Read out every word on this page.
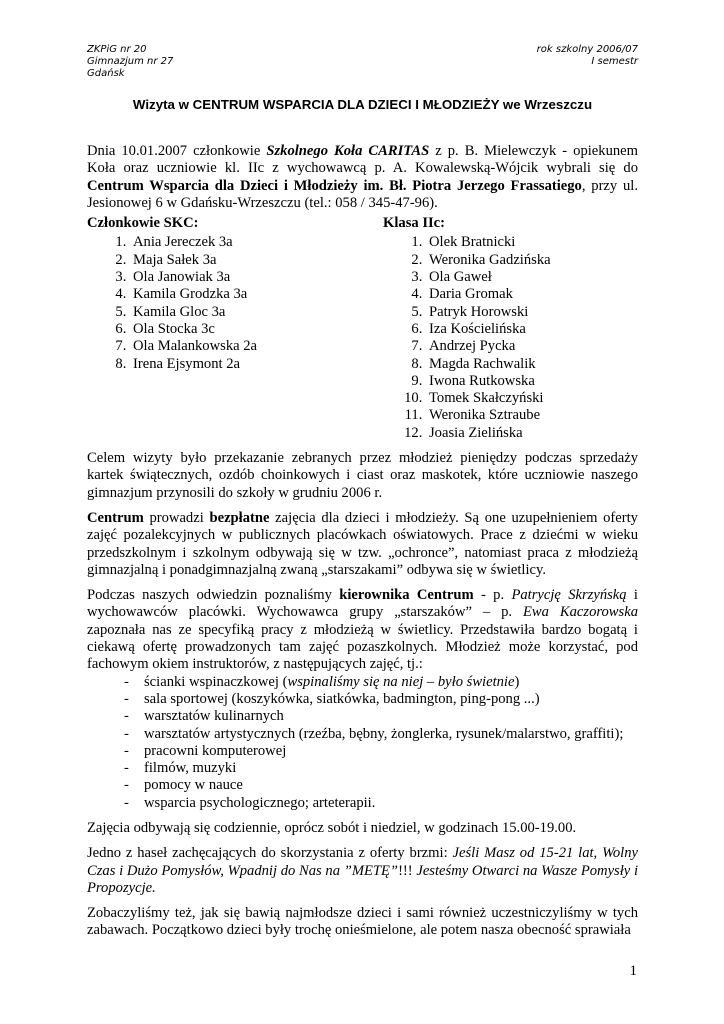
ZKPiG nr 20
Gimnazjum nr 27
Gdańsk
rok szkolny 2006/07
I semestr
Wizyta w CENTRUM WSPARCIA DLA DZIECI I MŁODZIEŻY we Wrzeszczu

Dnia 10.01.2007 członkowie Szkolnego Koła CARITAS z p. B. Mielewczyk - opiekunem Koła oraz uczniowie kl. IIc z wychowawcą p. A. Kowalewską-Wójcik wybrali się do Centrum Wsparcia dla Dzieci i Młodzieży im. Bł. Piotra Jerzego Frassatiego, przy ul. Jesionowej 6 w Gdańsku-Wrzeszczu (tel.: 058 / 345-47-96).

Członkowie SKC:
1. Ania Jereczek 3a
2. Maja Sałek 3a
3. Ola Janowiak 3a
4. Kamila Grodzka 3a
5. Kamila Gloc 3a
6. Ola Stocka 3c
7. Ola Malankowska 2a
8. Irena Ejsymont 2a
Klasa IIc:
1. Olek Bratnicki
2. Weronika Gadzińska
3. Ola Gaweł
4. Daria Gromak
5. Patryk Horowski
6. Iza Kościelińska
7. Andrzej Pycka
8. Magda Rachwalik
9. Iwona Rutkowska
10. Tomek Skałczyński
11. Weronika Sztraube
12. Joasia Zielińska

Celem wizyty było przekazanie zebranych przez młodzież pieniędzy podczas sprzedaży kartek świątecznych, ozdób choinkowych i ciast oraz maskotek, które uczniowie naszego gimnazjum przynosili do szkoły w grudniu 2006 r.

Centrum prowadzi bezpłatne zajęcia dla dzieci i młodzieży. Są one uzupełnieniem oferty zajęć pozalekcyjnych w publicznych placówkach oświatowych. Prace z dziećmi w wieku przedszkolnym i szkolnym odbywają się w tzw. „ochronce”, natomiast praca z młodzieżą gimnazjalną i ponadgimnazjalną zwaną „starszakami” odbywa się w świetlicy.

Podczas naszych odwiedzin poznaliśmy kierownika Centrum - p. Patrycję Skrzyńską i wychowawców placówki. Wychowawca grupy „starszaków” – p. Ewa Kaczorowska zapoznała nas ze specyfiką pracy z młodzieżą w świetlicy. Przedstawiła bardzo bogatą i ciekawą ofertę prowadzonych tam zajęć pozaszkolnych. Młodzież może korzystać, pod fachowym okiem instruktorów, z następujących zajęć, tj.:

- ścianki wspinaczkowej (wspinaliśmy się na niej – było świetnie)
- sala sportowej (koszykówka, siatkówka, badmington, ping-pong ...)
- warsztatów kulinarnych
- warsztatów artystycznych (rzeźba, bębny, żonglerka, rysunek/malarstwo, graffiti);
- pracowni komputerowej
- filmów, muzyki
- pomocy w nauce
- wsparcia psychologicznego; arteterapii.

Zajęcia odbywają się codziennie, oprócz sobót i niedziel, w godzinach 15.00-19.00.

Jedno z haseł zachęcających do skorzystania z oferty brzmi: Jeśli Masz od 15-21 lat, Wolny Czas i Dużo Pomysłów, Wpadnij do Nas na ”METĘ”!!! Jesteśmy Otwarci na Wasze Pomysły i Propozycje.

Zobaczyliśmy też, jak się bawią najmłodsze dzieci i sami również uczestniczyliśmy w tych zabawach. Początkowo dzieci były trochę onieśmielone, ale potem nasza obecność sprawiała

1
